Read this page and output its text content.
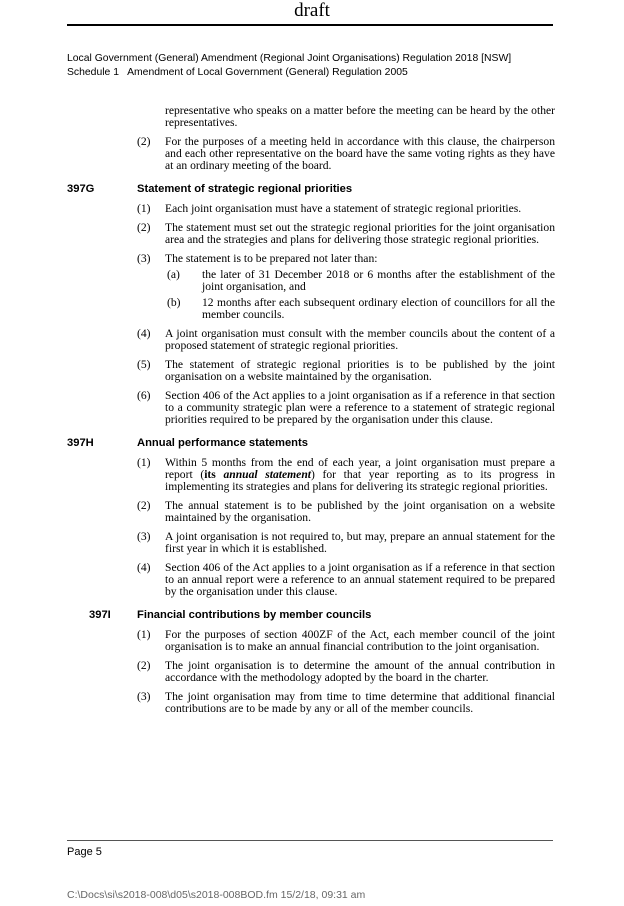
draft
Local Government (General) Amendment (Regional Joint Organisations) Regulation 2018 [NSW]
Schedule 1   Amendment of Local Government (General) Regulation 2005
representative who speaks on a matter before the meeting can be heard by the other representatives.
(2) For the purposes of a meeting held in accordance with this clause, the chairperson and each other representative on the board have the same voting rights as they have at an ordinary meeting of the board.
397G	Statement of strategic regional priorities
(1) Each joint organisation must have a statement of strategic regional priorities.
(2) The statement must set out the strategic regional priorities for the joint organisation area and the strategies and plans for delivering those strategic regional priorities.
(3) The statement is to be prepared not later than:
(a) the later of 31 December 2018 or 6 months after the establishment of the joint organisation, and
(b) 12 months after each subsequent ordinary election of councillors for all the member councils.
(4) A joint organisation must consult with the member councils about the content of a proposed statement of strategic regional priorities.
(5) The statement of strategic regional priorities is to be published by the joint organisation on a website maintained by the organisation.
(6) Section 406 of the Act applies to a joint organisation as if a reference in that section to a community strategic plan were a reference to a statement of strategic regional priorities required to be prepared by the organisation under this clause.
397H	Annual performance statements
(1) Within 5 months from the end of each year, a joint organisation must prepare a report (its annual statement) for that year reporting as to its progress in implementing its strategies and plans for delivering its strategic regional priorities.
(2) The annual statement is to be published by the joint organisation on a website maintained by the organisation.
(3) A joint organisation is not required to, but may, prepare an annual statement for the first year in which it is established.
(4) Section 406 of the Act applies to a joint organisation as if a reference in that section to an annual report were a reference to an annual statement required to be prepared by the organisation under this clause.
397I	Financial contributions by member councils
(1) For the purposes of section 400ZF of the Act, each member council of the joint organisation is to make an annual financial contribution to the joint organisation.
(2) The joint organisation is to determine the amount of the annual contribution in accordance with the methodology adopted by the board in the charter.
(3) The joint organisation may from time to time determine that additional financial contributions are to be made by any or all of the member councils.
Page 5
C:\Docs\si\s2018-008\d05\s2018-008BOD.fm 15/2/18, 09:31 am
